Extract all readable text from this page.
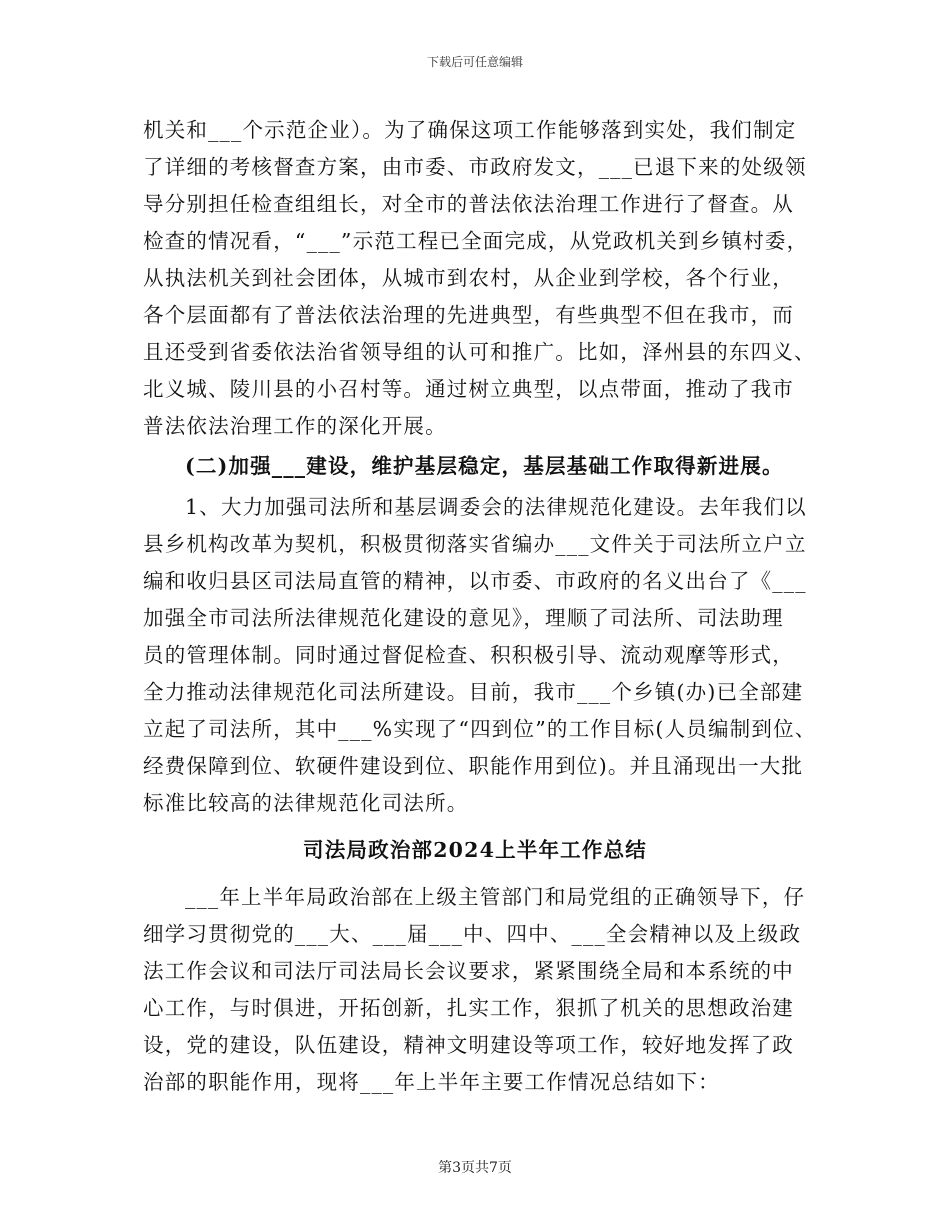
下载后可任意编辑
机关和___个示范企业）。为了确保这项工作能够落到实处，我们制定
了详细的考核督查方案，由市委、市政府发文，___已退下来的处级领
导分别担任检查组组长，对全市的普法依法治理工作进行了督查。从
检查的情况看，“___”示范工程已全面完成，从党政机关到乡镇村委，
从执法机关到社会团体，从城市到农村，从企业到学校，各个行业，
各个层面都有了普法依法治理的先进典型，有些典型不但在我市，而
且还受到省委依法治省领导组的认可和推广。比如，泽州县的东四义、
北义城、陵川县的小召村等。通过树立典型，以点带面，推动了我市
普法依法治理工作的深化开展。
(二)加强___建设，维护基层稳定，基层基础工作取得新进展。
1、大力加强司法所和基层调委会的法律规范化建设。去年我们以
县乡机构改革为契机，积极贯彻落实省编办___文件关于司法所立户立
编和收归县区司法局直管的精神，以市委、市政府的名义出台了《___
加强全市司法所法律规范化建设的意见》，理顺了司法所、司法助理
员的管理体制。同时通过督促检查、积积极引导、流动观摩等形式，
全力推动法律规范化司法所建设。目前，我市___个乡镇(办)已全部建
立起了司法所，其中___%实现了“四到位”的工作目标(人员编制到位、
经费保障到位、软硬件建设到位、职能作用到位)。并且涌现出一大批
标准比较高的法律规范化司法所。
司法局政治部2024上半年工作总结
___年上半年局政治部在上级主管部门和局党组的正确领导下，仔
细学习贯彻党的___大、___届___中、四中、___全会精神以及上级政
法工作会议和司法厅司法局长会议要求，紧紧围绕全局和本系统的中
心工作，与时俱进，开拓创新，扎实工作，狠抓了机关的思想政治建
设，党的建设，队伍建设，精神文明建设等项工作，较好地发挥了政
治部的职能作用，现将___年上半年主要工作情况总结如下：
第3页共7页
